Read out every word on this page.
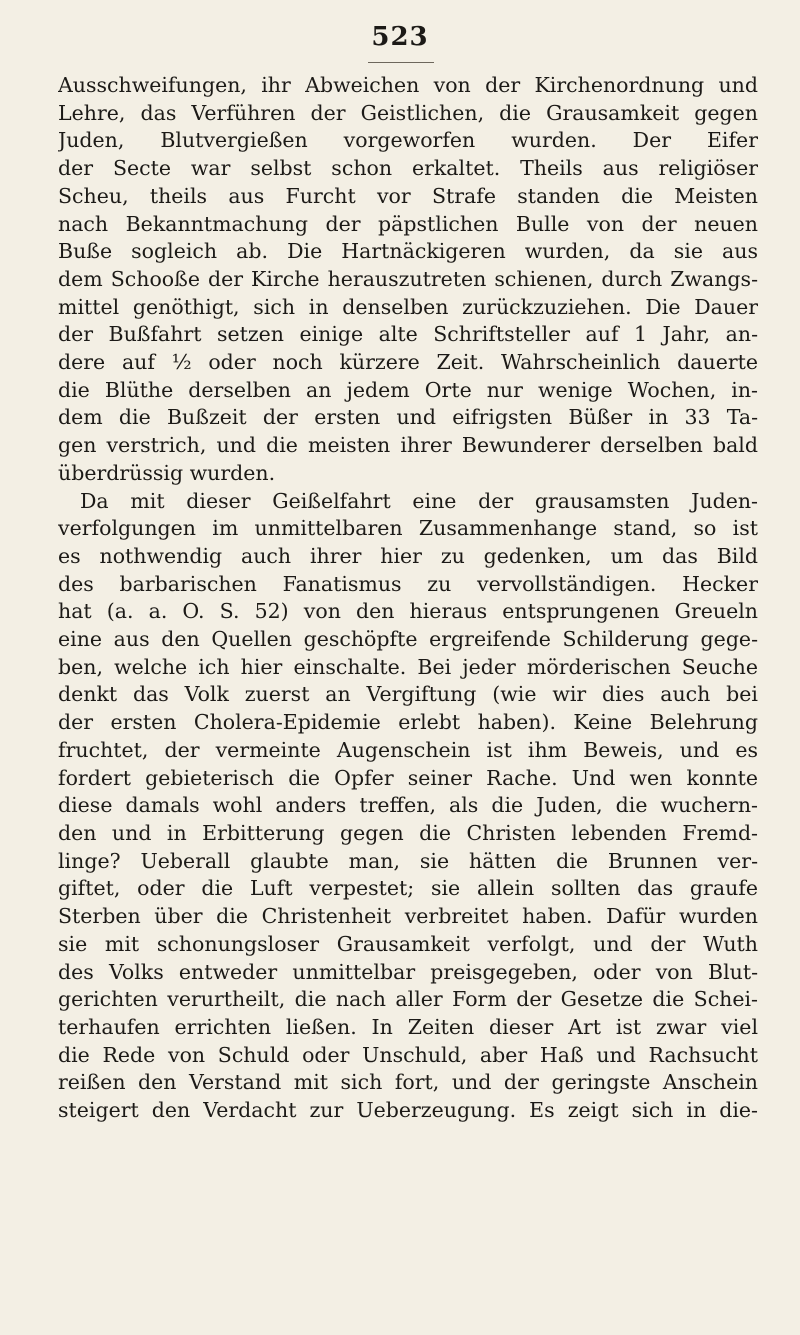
523
Ausschweifungen, ihr Abweichen von der Kirchenordnung und
Lehre, das Verführen der Geistlichen, die Grausamkeit gegen
Juden, Blutvergießen vorgeworfen wurden. Der Eifer
der Secte war selbst schon erkaltet. Theils aus religiöser
Scheu, theils aus Furcht vor Strafe standen die Meisten
nach Bekanntmachung der päpstlichen Bulle von der neuen
Buße sogleich ab. Die Hartnäckigeren wurden, da sie aus
dem Schooße der Kirche herauszutreten schienen, durch Zwangs-
mittel genöthigt, sich in denselben zurückzuziehen. Die Dauer
der Bußfahrt setzen einige alte Schriftsteller auf 1 Jahr, an-
dere auf ½ oder noch kürzere Zeit. Wahrscheinlich dauerte
die Blüthe derselben an jedem Orte nur wenige Wochen, in-
dem die Bußzeit der ersten und eifrigsten Büßer in 33 Ta-
gen verstrich, und die meisten ihrer Bewunderer derselben bald
überdrüssig wurden.
Da mit dieser Geißelfahrt eine der grausamsten Juden-
verfolgungen im unmittelbaren Zusammenhange stand, so ist
es nothwendig auch ihrer hier zu gedenken, um das Bild
des barbarischen Fanatismus zu vervollständigen. Hecker
hat (a. a. O. S. 52) von den hieraus entsprungenen Greueln
eine aus den Quellen geschöpfte ergreifende Schilderung gege-
ben, welche ich hier einschalte. Bei jeder mörderischen Seuche
denkt das Volk zuerst an Vergiftung (wie wir dies auch bei
der ersten Cholera-Epidemie erlebt haben). Keine Belehrung
fruchtet, der vermeinte Augenschein ist ihm Beweis, und es
fordert gebieterisch die Opfer seiner Rache. Und wen konnte
diese damals wohl anders treffen, als die Juden, die wuchern-
den und in Erbitterung gegen die Christen lebenden Fremd-
linge? Ueberall glaubte man, sie hätten die Brunnen ver-
giftet, oder die Luft verpestet; sie allein sollten das graufe
Sterben über die Christenheit verbreitet haben. Dafür wurden
sie mit schonungsloser Grausamkeit verfolgt, und der Wuth
des Volks entweder unmittelbar preisgegeben, oder von Blut-
gerichten verurtheilt, die nach aller Form der Gesetze die Schei-
terhaufen errichten ließen. In Zeiten dieser Art ist zwar viel
die Rede von Schuld oder Unschuld, aber Haß und Rachsucht
reißen den Verstand mit sich fort, und der geringste Anschein
steigert den Verdacht zur Ueberzeugung. Es zeigt sich in die-
